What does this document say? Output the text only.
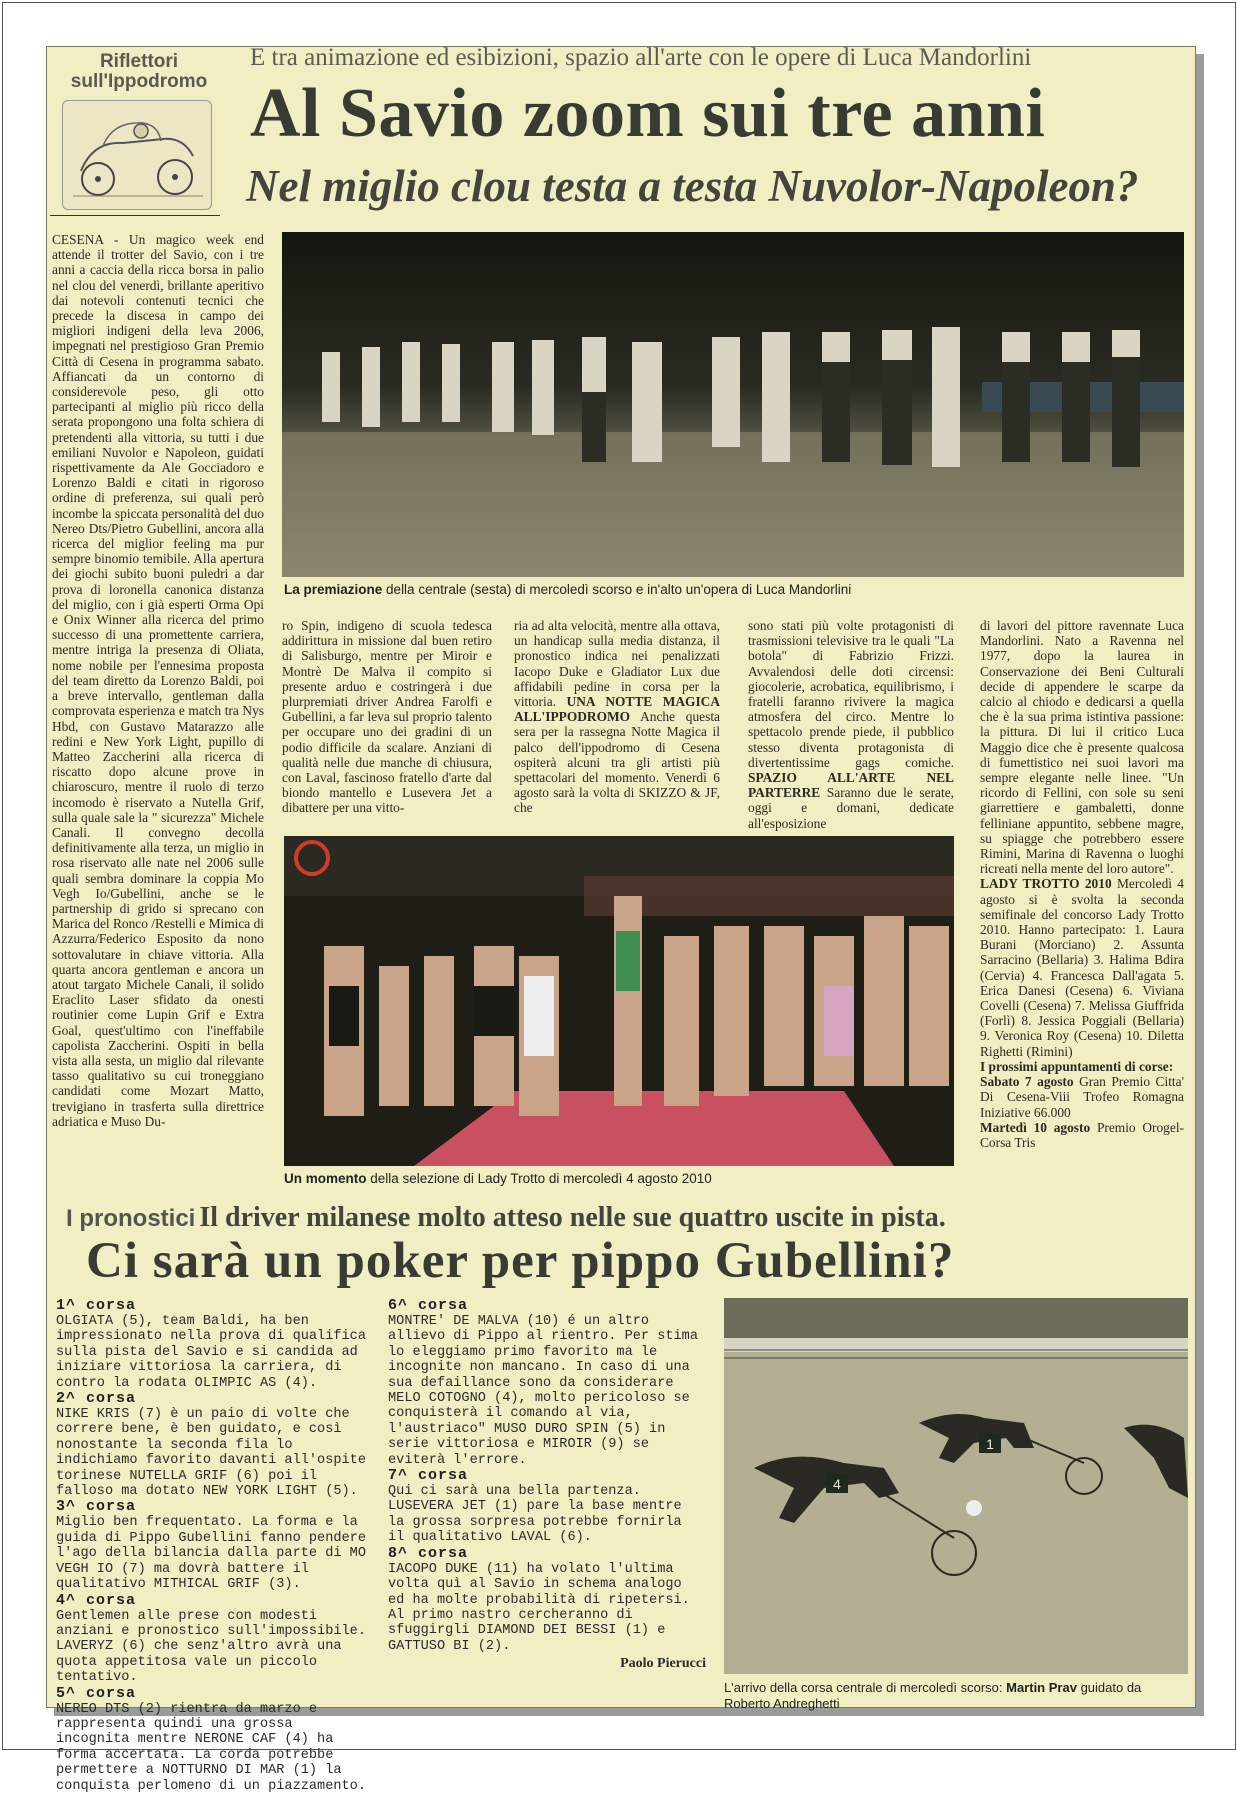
Riflettori
sull'Ippodromo
E tra animazione ed esibizioni, spazio all'arte con le opere di Luca Mandorlini
Al Savio zoom sui tre anni
Nel miglio clou testa a testa Nuvolor-Napoleon?
La premiazione della centrale (sesta) di mercoledì scorso e in'alto un'opera di Luca Mandorlini
CESENA - Un magico week end attende il trotter del Savio, con i tre anni a caccia della ricca borsa in palio nel clou del venerdì, brillante aperitivo dai notevoli contenuti tecnici che precede la discesa in campo dei migliori indigeni della leva 2006, impegnati nel prestigioso Gran Premio Città di Cesena in programma sabato. Affiancati da un contorno di considerevole peso, gli otto partecipanti al miglio più ricco della serata propongono una folta schiera di pretendenti alla vittoria, su tutti i due emiliani Nuvolor e Napoleon, guidati rispettivamente da Ale Gocciadoro e Lorenzo Baldi e citati in rigoroso ordine di preferenza, sui quali però incombe la spiccata personalità del duo Nereo Dts/Pietro Gubellini, ancora alla ricerca del miglior feeling ma pur sempre binomio temibile. Alla apertura dei giochi subito buoni puledri a dar prova di loronella canonica distanza del miglio, con i già esperti Orma Opi e Onix Winner alla ricerca del primo successo di una promettente carriera, mentre intriga la presenza di Oliata, nome nobile per l'ennesima proposta del team diretto da Lorenzo Baldi, poi a breve intervallo, gentleman dalla comprovata esperienza e match tra Nys Hbd, con Gustavo Matarazzo alle redini e New York Light, pupillo di Matteo Zaccherini alla ricerca di riscatto dopo alcune prove in chiaroscuro, mentre il ruolo di terzo incomodo è riservato a Nutella Grif, sulla quale sale la " sicurezza" Michele Canali. Il convegno decolla definitivamente alla terza, un miglio in rosa riservato alle nate nel 2006 sulle quali sembra dominare la coppia Mo Vegh Io/Gubellini, anche se le partnership di grido si sprecano con Marica del Ronco /Restelli e Mimica di Azzurra/Federico Esposito da nono sottovalutare in chiave vittoria. Alla quarta ancora gentleman e ancora un atout targato Michele Canali, il solido Eraclito Laser sfidato da onesti routinier come Lupin Grif e Extra Goal, quest'ultimo con l'ineffabile capolista Zaccherini. Ospiti in bella vista alla sesta, un miglio dal rilevante tasso qualitativo su cui troneggiano candidati come Mozart Matto, trevigiano in trasferta sulla direttrice adriatica e Muso Du-
ro Spin, indigeno di scuola tedesca addirittura in missione dal buen retiro di Salisburgo, mentre per Miroir e Montrè De Malva il compito si presente arduo e costringerà i due plurpremiati driver Andrea Farolfi e Gubellini, a far leva sul proprio talento per occupare uno dei gradini di un podio difficile da scalare. Anziani di qualità nelle due manche di chiusura, con Laval, fascinoso fratello d'arte dal biondo mantello e Lusevera Jet a dibattere per una vitto-
ria ad alta velocità, mentre alla ottava, un handicap sulla media distanza, il pronostico indica nei penalizzati Iacopo Duke e Gladiator Lux due affidabili pedine in corsa per la vittoria. UNA NOTTE MAGICA ALL'IPPODROMO Anche questa sera per la rassegna Notte Magica il palco dell'ippodromo di Cesena ospiterà alcuni tra gli artisti più spettacolari del momento. Venerdì 6 agosto sarà la volta di SKIZZO & JF, che
sono stati più volte protagonisti di trasmissioni televisive tra le quali "La botola" di Fabrizio Frizzi. Avvalendosi delle doti circensi: giocolerie, acrobatica, equilibrismo, i fratelli faranno rivivere la magica atmosfera del circo. Mentre lo spettacolo prende piede, il pubblico stesso diventa protagonista di divertentissime gags comiche. SPAZIO ALL'ARTE NEL PARTERRE Saranno due le serate, oggi e domani, dedicate all'esposizione
di lavori del pittore ravennate Luca Mandorlini. Nato a Ravenna nel 1977, dopo la laurea in Conservazione dei Beni Culturali decide di appendere le scarpe da calcio al chiodo e dedicarsi a quella che è la sua prima istintiva passione: la pittura. Di lui il critico Luca Maggio dice che è presente qualcosa di fumettistico nei suoi lavori ma sempre elegante nelle linee. "Un ricordo di Fellini, con sole su seni giarrettiere e gambaletti, donne felliniane appuntito, sebbene magre, su spiagge che potrebbero essere Rimini, Marina di Ravenna o luoghi ricreati nella mente del loro autore".
LADY TROTTO 2010 Mercoledì 4 agosto si è svolta la seconda semifinale del concorso Lady Trotto 2010. Hanno partecipato: 1. Laura Burani (Morciano) 2. Assunta Sarracino (Bellaria) 3. Halima Bdira (Cervia) 4. Francesca Dall'agata 5. Erica Danesi (Cesena) 6. Viviana Covelli (Cesena) 7. Melissa Giuffrida (Forlì) 8. Jessica Poggiali (Bellaria) 9. Veronica Roy (Cesena) 10. Diletta Righetti (Rimini)
I prossimi appuntamenti di corse:
Sabato 7 agosto Gran Premio Citta' Di Cesena-Viii Trofeo Romagna Iniziative 66.000
Martedì 10 agosto Premio Orogel-Corsa Tris
Un momento della selezione di Lady Trotto di mercoledì 4 agosto 2010
I pronostici Il driver milanese molto atteso nelle sue quattro uscite in pista.
Ci sarà un poker per pippo Gubellini?
1^ corsa
OLGIATA (5), team Baldi, ha ben impressionato nella prova di qualifica sulla pista del Savio e si candida ad iniziare vittoriosa la carriera, di contro la rodata OLIMPIC AS (4).
2^ corsa
NIKE KRIS (7) è un paio di volte che correre bene, è ben guidato, e così nonostante la seconda fila lo indichiamo favorito davanti all'ospite torinese NUTELLA GRIF (6) poi il falloso ma dotato NEW YORK LIGHT (5).
3^ corsa
Miglio ben frequentato. La forma e la guida di Pippo Gubellini fanno pendere l'ago della bilancia dalla parte di MO VEGH IO (7) ma dovrà battere il qualitativo MITHICAL GRIF (3).
4^ corsa
Gentlemen alle prese con modesti anziani e pronostico sull'impossibile. LAVERYZ (6) che senz'altro avrà una quota appetitosa vale un piccolo tentativo.
5^ corsa
NEREO DTS (2) rientra da marzo e rappresenta quindi una grossa incognita mentre NERONE CAF (4) ha forma accertata. La corda potrebbe permettere a NOTTURNO DI MAR (1) la conquista perlomeno di un piazzamento.
6^ corsa
MONTRE' DE MALVA (10) é un altro allievo di Pippo al rientro. Per stima lo eleggiamo primo favorito ma le incognite non mancano. In caso di una sua defaillance sono da considerare MELO COTOGNO (4), molto pericoloso se conquisterà il comando al via, l'austriaco" MUSO DURO SPIN (5) in serie vittoriosa e MIROIR (9) se eviterà l'errore.
7^ corsa
Qui ci sarà una bella partenza. LUSEVERA JET (1) pare la base mentre la grossa sorpresa potrebbe fornirla il qualitativo LAVAL (6).
8^ corsa
IACOPO DUKE (11) ha volato l'ultima volta quì al Savio in schema analogo ed ha molte probabilità di ripetersi. Al primo nastro cercheranno di sfuggirgli DIAMOND DEI BESSI (1) e GATTUSO BI (2).
Paolo Pierucci
1
4
L'arrivo della corsa centrale di mercoledì scorso: Martin Prav guidato da Roberto Andreghetti
